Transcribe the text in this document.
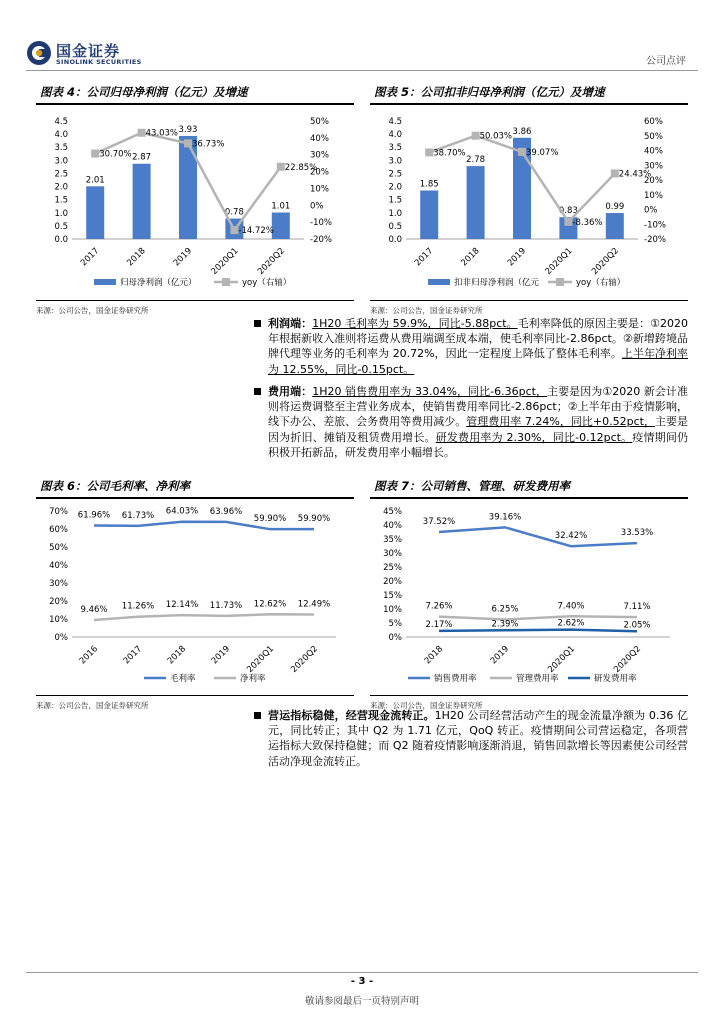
国金证券
SINOLINK SECURITIES	公司点评
图表 4：公司归母净利润（亿元）及增速
0.0
0.5
1.0
1.5
2.0
2.5
3.0
3.5
4.0
4.5
-20%
-10%
0%
10%
20%
30%
40%
50%
2.01
2017
2.87
2018
3.93
2019
0.78
2020Q1
1.01
2020Q2
30.70%
43.03%
36.73%
-14.72%
22.85%
归母净利润（亿元）	yoy（右轴）
来源：公司公告，国金证券研究所
图表 5：公司扣非归母净利润（亿元）及增速
0.0
0.5
1.0
1.5
2.0
2.5
3.0
3.5
4.0
4.5
-20%
-10%
0%
10%
20%
30%
40%
50%
60%
1.85
2017
2.78
2018
3.86
2019
0.83
2020Q1
0.99
2020Q2
38.70%
50.03%
39.07%
-8.36%
24.43%
扣非归母净利润（亿元	yoy（右轴）
来源：公司公告，国金证券研究所
利润端：1H20 毛利率为 59.9%，同比-5.88pct。毛利率降低的原因主要是：①2020 年根据新收入准则将运费从费用端调至成本端，使毛利率同比-2.86pct。②新增跨境品牌代理等业务的毛利率为 20.72%，因此一定程度上降低了整体毛利率。上半年净利率为 12.55%，同比-0.15pct。
费用端：1H20 销售费用率为 33.04%，同比-6.36pct，主要是因为①2020 新会计准则将运费调整至主营业务成本，使销售费用率同比-2.86pct；②上半年由于疫情影响，线下办公、差旅、会务费用等费用减少。管理费用率 7.24%，同比+0.52pct，主要是因为折旧、摊销及租赁费用增长。研发费用率为 2.30%，同比-0.12pct。疫情期间仍积极开拓新品，研发费用率小幅增长。
图表 6：公司毛利率、净利率
0%
10%
20%
30%
40%
50%
60%
70%
2016	2017	2018	2019 2020Q1 2020Q2
61.96% 61.73% 64.03% 63.96%
59.90% 59.90%
9.46% 11.26% 12.14% 11.73% 12.62% 12.49%
毛利率	净利率
来源：公司公告，国金证券研究所
图表 7：公司销售、管理、研发费用率
0%
5%
10%
15%
20%
25%
30%
35%
40%
45%
2018	2019	2020Q1	2020Q2
37.52%	39.16%
32.42%	33.53%
7.26%	6.25%	7.40%	7.11%
2.17%	2.39%	2.62%	2.05%
销售费用率	管理费用率	研发费用率
来源：公司公告，国金证券研究所
营运指标稳健，经营现金流转正。1H20 公司经营活动产生的现金流量净额为 0.36 亿元，同比转正；其中 Q2 为 1.71 亿元，QoQ 转正。疫情期间公司营运稳定，各项营运指标大致保持稳健；而 Q2 随着疫情影响逐渐消退，销售回款增长等因素使公司经营活动净现金流转正。
- 3 -
敬请参阅最后一页特别声明
